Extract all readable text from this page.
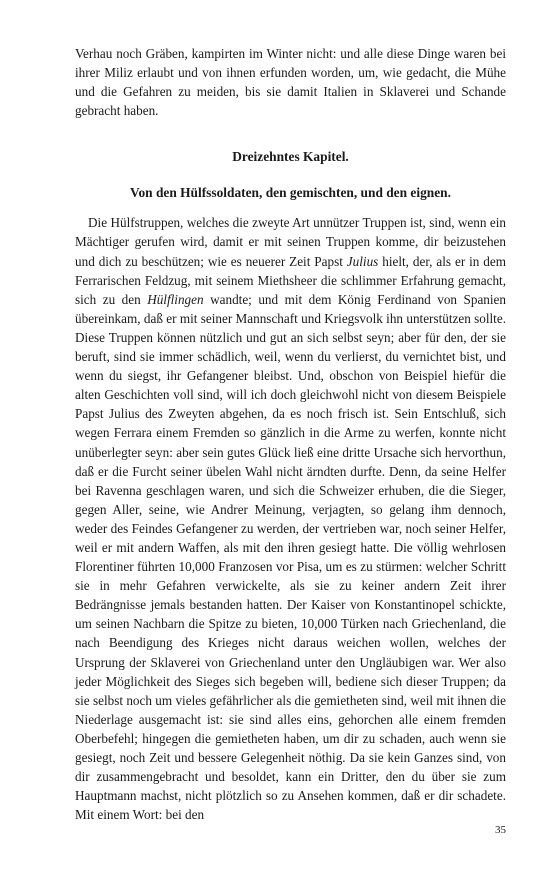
Verhau noch Gräben, kampirten im Winter nicht: und alle diese Dinge waren bei ihrer Miliz erlaubt und von ihnen erfunden worden, um, wie gedacht, die Mühe und die Gefahren zu meiden, bis sie damit Italien in Sklaverei und Schande gebracht haben.

Dreizehntes Kapitel.
Von den Hülfssoldaten, den gemischten, und den eignen.

Die Hülfstruppen, welches die zweyte Art unnützer Truppen ist, sind, wenn ein Mächtiger gerufen wird, damit er mit seinen Truppen komme, dir beizustehen und dich zu beschützen; wie es neuerer Zeit Papst Julius hielt, der, als er in dem Ferrarischen Feldzug, mit seinem Miethsheer die schlimmer Erfahrung gemacht, sich zu den Hülflingen wandte; und mit dem König Ferdinand von Spanien übereinkam, daß er mit seiner Mannschaft und Kriegsvolk ihn unterstützen sollte. Diese Truppen können nützlich und gut an sich selbst seyn; aber für den, der sie beruft, sind sie immer schädlich, weil, wenn du verlierst, du vernichtet bist, und wenn du siegst, ihr Gefangener bleibst. Und, obschon von Beispiel hiefür die alten Geschichten voll sind, will ich doch gleichwohl nicht von diesem Beispiele Papst Julius des Zweyten abgehen, da es noch frisch ist. Sein Entschluß, sich wegen Ferrara einem Fremden so gänzlich in die Arme zu werfen, konnte nicht unüberlegter seyn: aber sein gutes Glück ließ eine dritte Ursache sich hervorthun, daß er die Furcht seiner übelen Wahl nicht ärndten durfte. Denn, da seine Helfer bei Ravenna geschlagen waren, und sich die Schweizer erhuben, die die Sieger, gegen Aller, seine, wie Andrer Meinung, verjagten, so gelang ihm dennoch, weder des Feindes Gefangener zu werden, der vertrieben war, noch seiner Helfer, weil er mit andern Waffen, als mit den ihren gesiegt hatte. Die völlig wehrlosen Florentiner führten 10,000 Franzosen vor Pisa, um es zu stürmen: welcher Schritt sie in mehr Gefahren verwickelte, als sie zu keiner andern Zeit ihrer Bedrängnisse jemals bestanden hatten. Der Kaiser von Konstantinopel schickte, um seinen Nachbarn die Spitze zu bieten, 10,000 Türken nach Griechenland, die nach Beendigung des Krieges nicht daraus weichen wollen, welches der Ursprung der Sklaverei von Griechenland unter den Ungläubigen war. Wer also jeder Möglichkeit des Sieges sich begeben will, bediene sich dieser Truppen; da sie selbst noch um vieles gefährlicher als die gemietheten sind, weil mit ihnen die Niederlage ausgemacht ist: sie sind alles eins, gehorchen alle einem fremden Oberbefehl; hingegen die gemietheten haben, um dir zu schaden, auch wenn sie gesiegt, noch Zeit und bessere Gelegenheit nöthig. Da sie kein Ganzes sind, von dir zusammengebracht und besoldet, kann ein Dritter, den du über sie zum Hauptmann machst, nicht plötzlich so zu Ansehen kommen, daß er dir schadete. Mit einem Wort: bei den

35
